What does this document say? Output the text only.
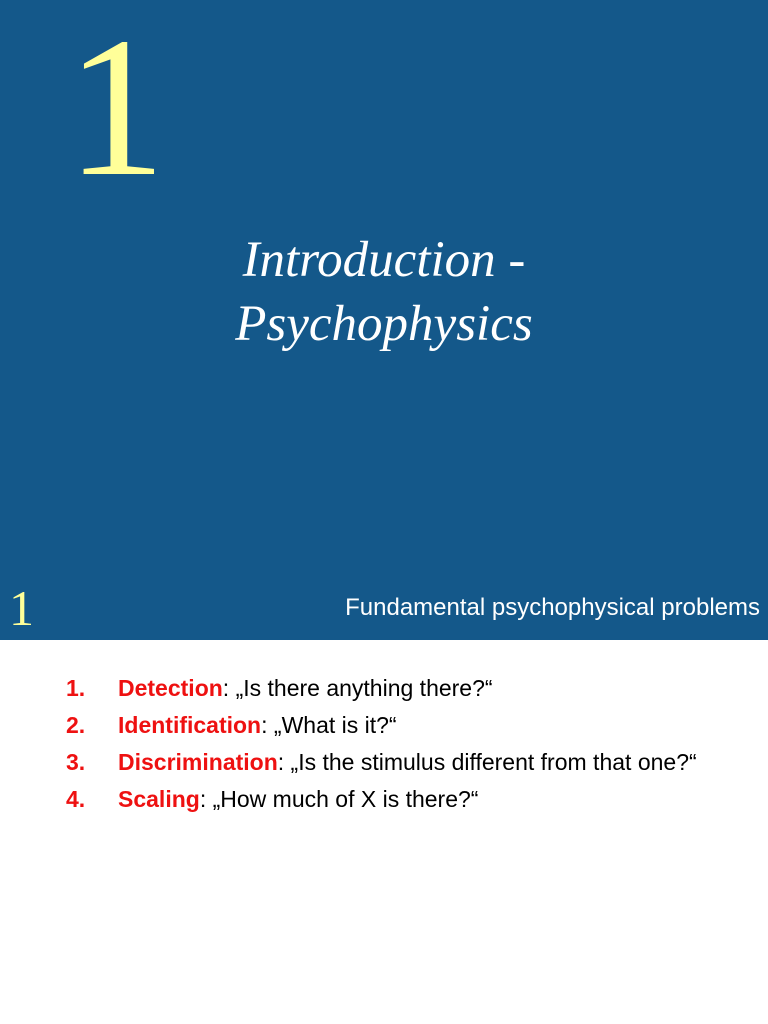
1
Introduction -
Psychophysics
1	Fundamental psychophysical problems
1. Detection: „Is there anything there?“
2. Identification: „What is it?“
3. Discrimination: „Is the stimulus different from that one?“
4. Scaling: „How much of X is there?“
